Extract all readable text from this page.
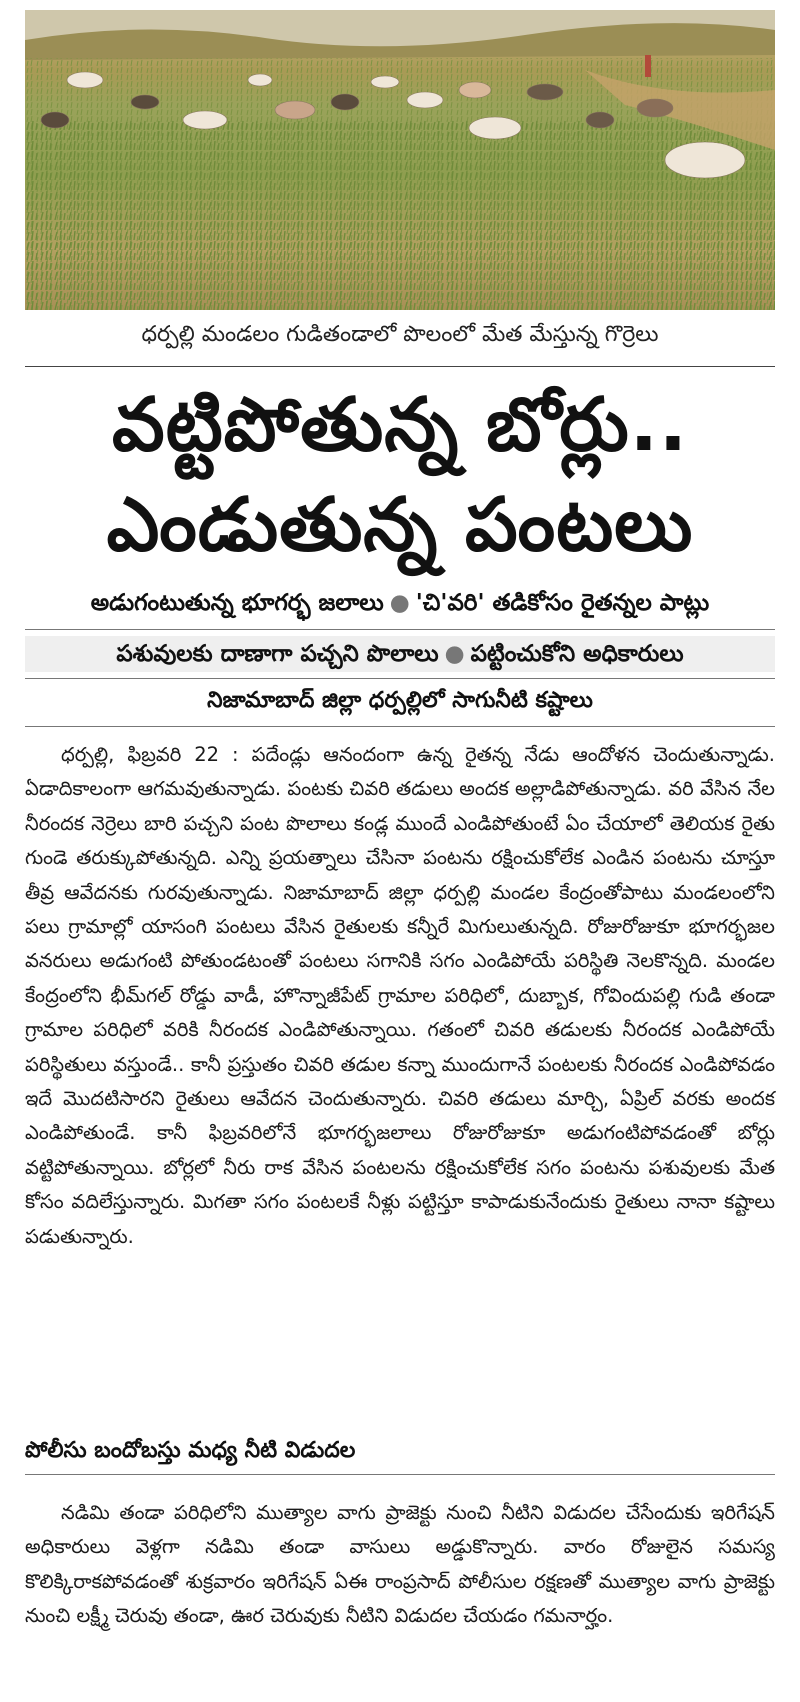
ధర్పల్లి మండలం గుడితండాలో పొలంలో మేత మేస్తున్న గొర్రెలు
వట్టిపోతున్న బోర్లు..
ఎండుతున్న పంటలు
అడుగంటుతున్న భూగర్భ జలాలు ● 'చి'వరి' తడికోసం రైతన్నల పాట్లు
పశువులకు దాణాగా పచ్చని పొలాలు ● పట్టించుకోని అధికారులు
నిజామాబాద్ జిల్లా ధర్పల్లిలో సాగునీటి కష్టాలు

ధర్పల్లి, ఫిబ్రవరి 22 : పదేండ్లు ఆనందంగా ఉన్న రైతన్న నేడు ఆందోళన చెందుతున్నాడు. ఏడాదికాలంగా ఆగమవుతున్నాడు. పంటకు చివరి తడులు అందక అల్లాడిపోతున్నాడు. వరి వేసిన నేల నీరందక నెర్రెలు బారి పచ్చని పంట పొలాలు కండ్ల ముందే ఎండిపోతుంటే ఏం చేయాలో తెలియక రైతు గుండె తరుక్కుపోతున్నది. ఎన్ని ప్రయత్నాలు చేసినా పంటను రక్షించుకోలేక ఎండిన పంటను చూస్తూ తీవ్ర ఆవేదనకు గురవుతున్నాడు. నిజామాబాద్ జిల్లా ధర్పల్లి మండల కేంద్రంతోపాటు మండలంలోని పలు గ్రామాల్లో యాసంగి పంటలు వేసిన రైతులకు కన్నీరే మిగులుతున్నది. రోజురోజుకూ భూగర్భజల వనరులు అడుగంటి పోతుండటంతో పంటలు సగానికి సగం ఎండిపోయే పరిస్థితి నెలకొన్నది. మండల కేంద్రంలోని భీమ్‌గల్ రోడ్డు వాడీ, హొన్నాజీపేట్ గ్రామాల పరిధిలో, దుబ్బాక, గోవిందుపల్లి గుడి తండా గ్రామాల పరిధిలో వరికి నీరందక ఎండిపోతున్నాయి. గతంలో చివరి తడులకు నీరందక ఎండిపోయే పరిస్థితులు వస్తుండే.. కానీ ప్రస్తుతం చివరి తడుల కన్నా ముందుగానే పంటలకు నీరందక ఎండిపోవడం ఇదే మొదటిసారని రైతులు ఆవేదన చెందుతున్నారు. చివరి తడులు మార్చి, ఏప్రిల్ వరకు అందక ఎండిపోతుండే. కానీ ఫిబ్రవరిలోనే భూగర్భజలాలు రోజురోజుకూ అడుగంటిపోవడంతో బోర్లు వట్టిపోతున్నాయి. బోర్లలో నీరు రాక వేసిన పంటలను రక్షించుకోలేక సగం పంటను పశువులకు మేత కోసం వదిలేస్తున్నారు. మిగతా సగం పంటలకే నీళ్లు పట్టిస్తూ కాపాడుకునేందుకు రైతులు నానా కష్టాలు పడుతున్నారు.

పోలీసు బందోబస్తు మధ్య నీటి విడుదల

నడిమి తండా పరిధిలోని ముత్యాల వాగు ప్రాజెక్టు నుంచి నీటిని విడుదల చేసేందుకు ఇరిగేషన్ అధికారులు వెళ్లగా నడిమి తండా వాసులు అడ్డుకొన్నారు. వారం రోజులైన సమస్య కొలిక్కిరాకపోవడంతో శుక్రవారం ఇరిగేషన్ ఏఈ రాంప్రసాద్ పోలీసుల రక్షణతో ముత్యాల వాగు ప్రాజెక్టు నుంచి లక్ష్మీ చెరువు తండా, ఊర చెరువుకు నీటిని విడుదల చేయడం గమనార్హం.
